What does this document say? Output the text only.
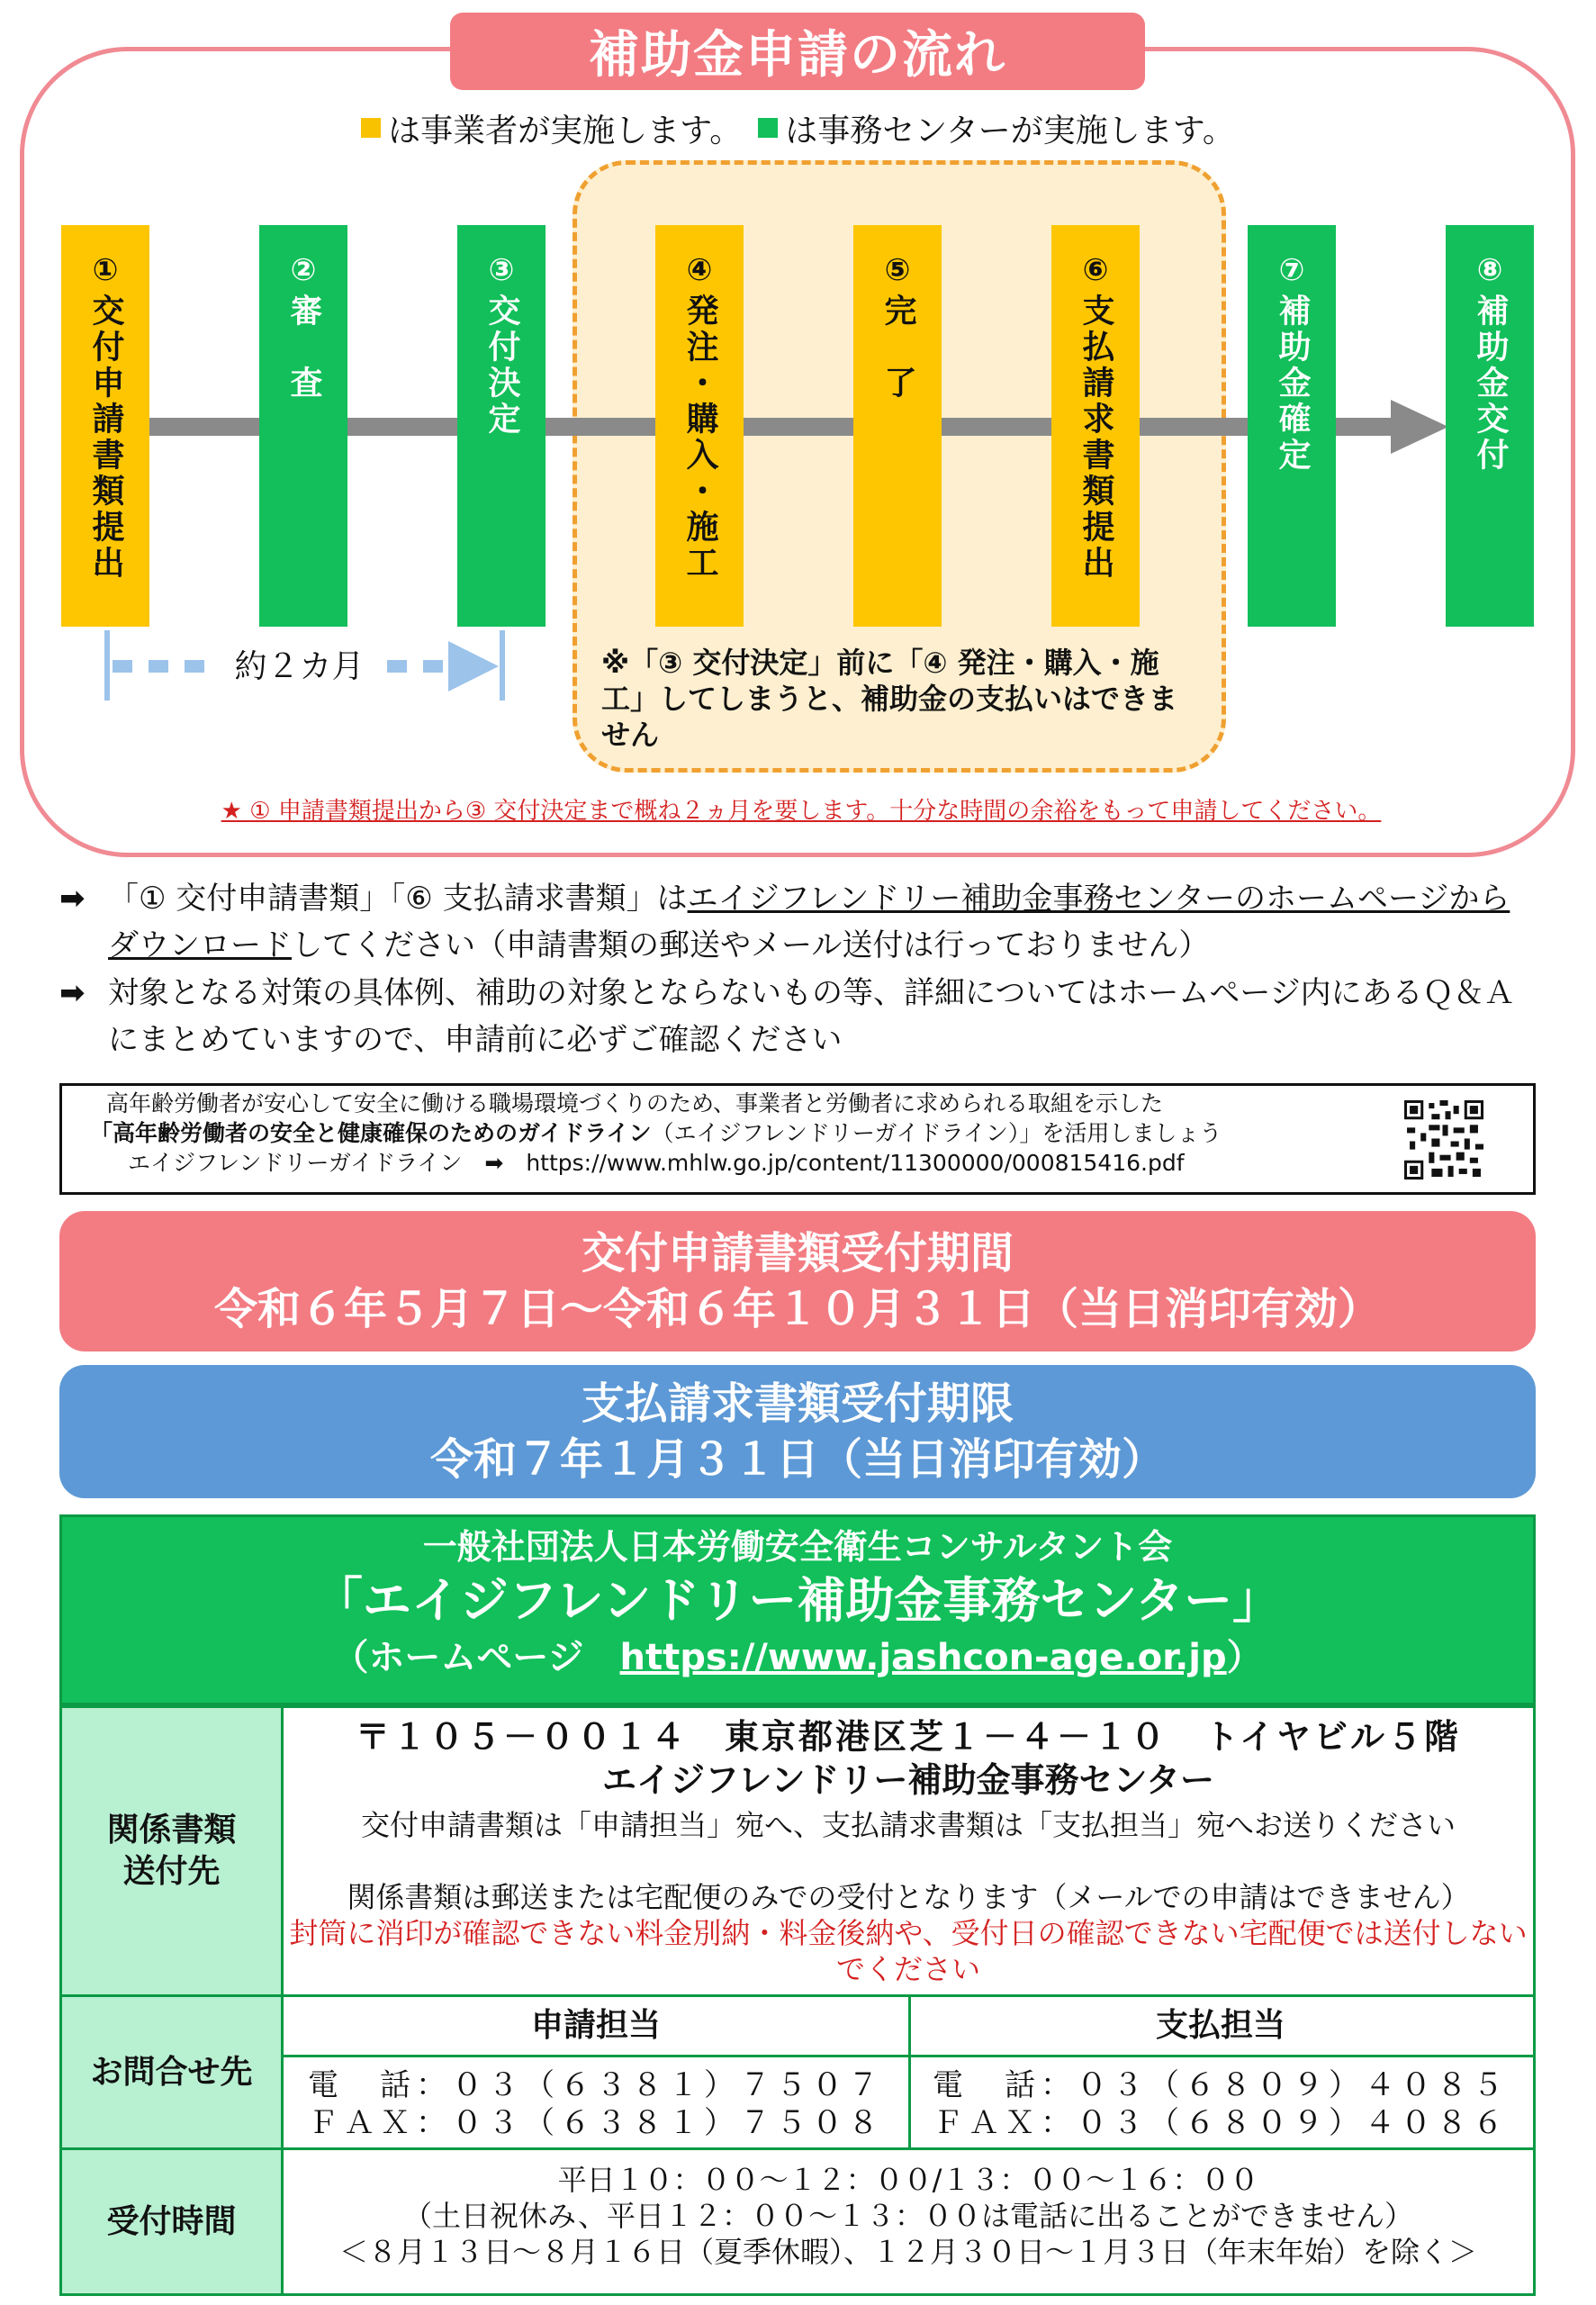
補助金申請の流れ
は事業者が実施します。 は事務センターが実施します。
①
交付申請書類提出
②
審　査
③
交付決定
④
発注・購入・施工
⑤
完　了
⑥
支払請求書類提出
⑦
補助金確定
⑧
補助金交付
約２カ月	※「③ 交付決定」前に「④ 発注・購入・施工」してしまうと、補助金の支払いはできません
★ ① 申請書類提出から③ 交付決定まで概ね２ヵ月を要します。十分な時間の余裕をもって申請してください。
➡ 「① 交付申請書類」「⑥ 支払請求書類」はエイジフレンドリー補助金事務センターのホームページからダウンロードしてください（申請書類の郵送やメール送付は行っておりません）
➡ 対象となる対策の具体例、補助の対象とならないもの等、詳細についてはホームページ内にあるＱ＆Ａにまとめていますので、申請前に必ずご確認ください
高年齢労働者が安心して安全に働ける職場環境づくりのため、事業者と労働者に求められる取組を示した
「高年齢労働者の安全と健康確保のためのガイドライン（エイジフレンドリーガイドライン）」を活用しましょう
エイジフレンドリーガイドライン　➡　https://www.mhlw.go.jp/content/11300000/000815416.pdf
交付申請書類受付期間
令和６年５月７日～令和６年１０月３１日（当日消印有効）
支払請求書類受付期限
令和７年１月３１日（当日消印有効）
一般社団法人日本労働安全衛生コンサルタント会
「エイジフレンドリー補助金事務センター」
（ホームページ　https://www.jashcon-age.or.jp）
関係書類
送付先
〒１０５－００１４　東京都港区芝１－４－１０　トイヤビル５階
エイジフレンドリー補助金事務センター
交付申請書類は「申請担当」宛へ、支払請求書類は「支払担当」宛へお送りください
関係書類は郵送または宅配便のみでの受付となります（メールでの申請はできません）
封筒に消印が確認できない料金別納・料金後納や、受付日の確認できない宅配便では送付しないでください
お問合せ先
申請担当	支払担当
電　話：０３（６３８１）７５０７
ＦＡＸ：０３（６３８１）７５０８
電　話：０３（６８０９）４０８５
ＦＡＸ：０３（６８０９）４０８６
受付時間
平日１０：００～１２：００/１３：００～１６：００
（土日祝休み、平日１２：００～１３：００は電話に出ることができません）
＜８月１３日～８月１６日（夏季休暇）、１２月３０日～１月３日（年末年始）を除く＞
